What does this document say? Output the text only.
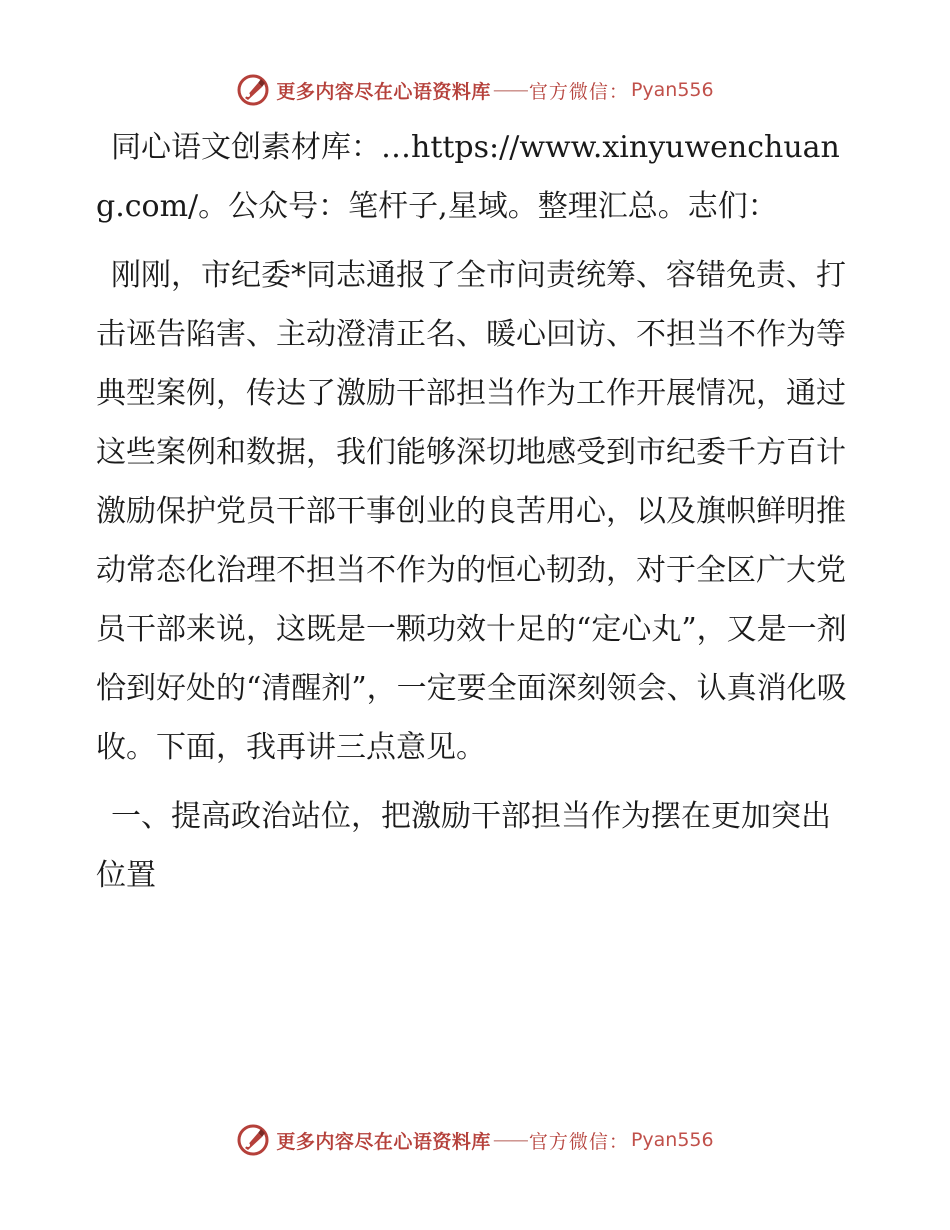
更多内容尽在心语资料库 —— 官方微信： Pyan556

同心语文创素材库：…https://www.xinyuwenchuang.com/。公众号：笔杆子,星域。整理汇总。志们：

刚刚，市纪委*同志通报了全市问责统筹、容错免责、打击诬告陷害、主动澄清正名、暖心回访、不担当不作为等典型案例，传达了激励干部担当作为工作开展情况，通过这些案例和数据，我们能够深切地感受到市纪委千方百计激励保护党员干部干事创业的良苦用心，以及旗帜鲜明推动常态化治理不担当不作为的恒心韧劲，对于全区广大党员干部来说，这既是一颗功效十足的“定心丸”，又是一剂恰到好处的“清醒剂”，一定要全面深刻领会、认真消化吸收。下面，我再讲三点意见。

一、提高政治站位，把激励干部担当作为摆在更加突出位置

更多内容尽在心语资料库 —— 官方微信： Pyan556
